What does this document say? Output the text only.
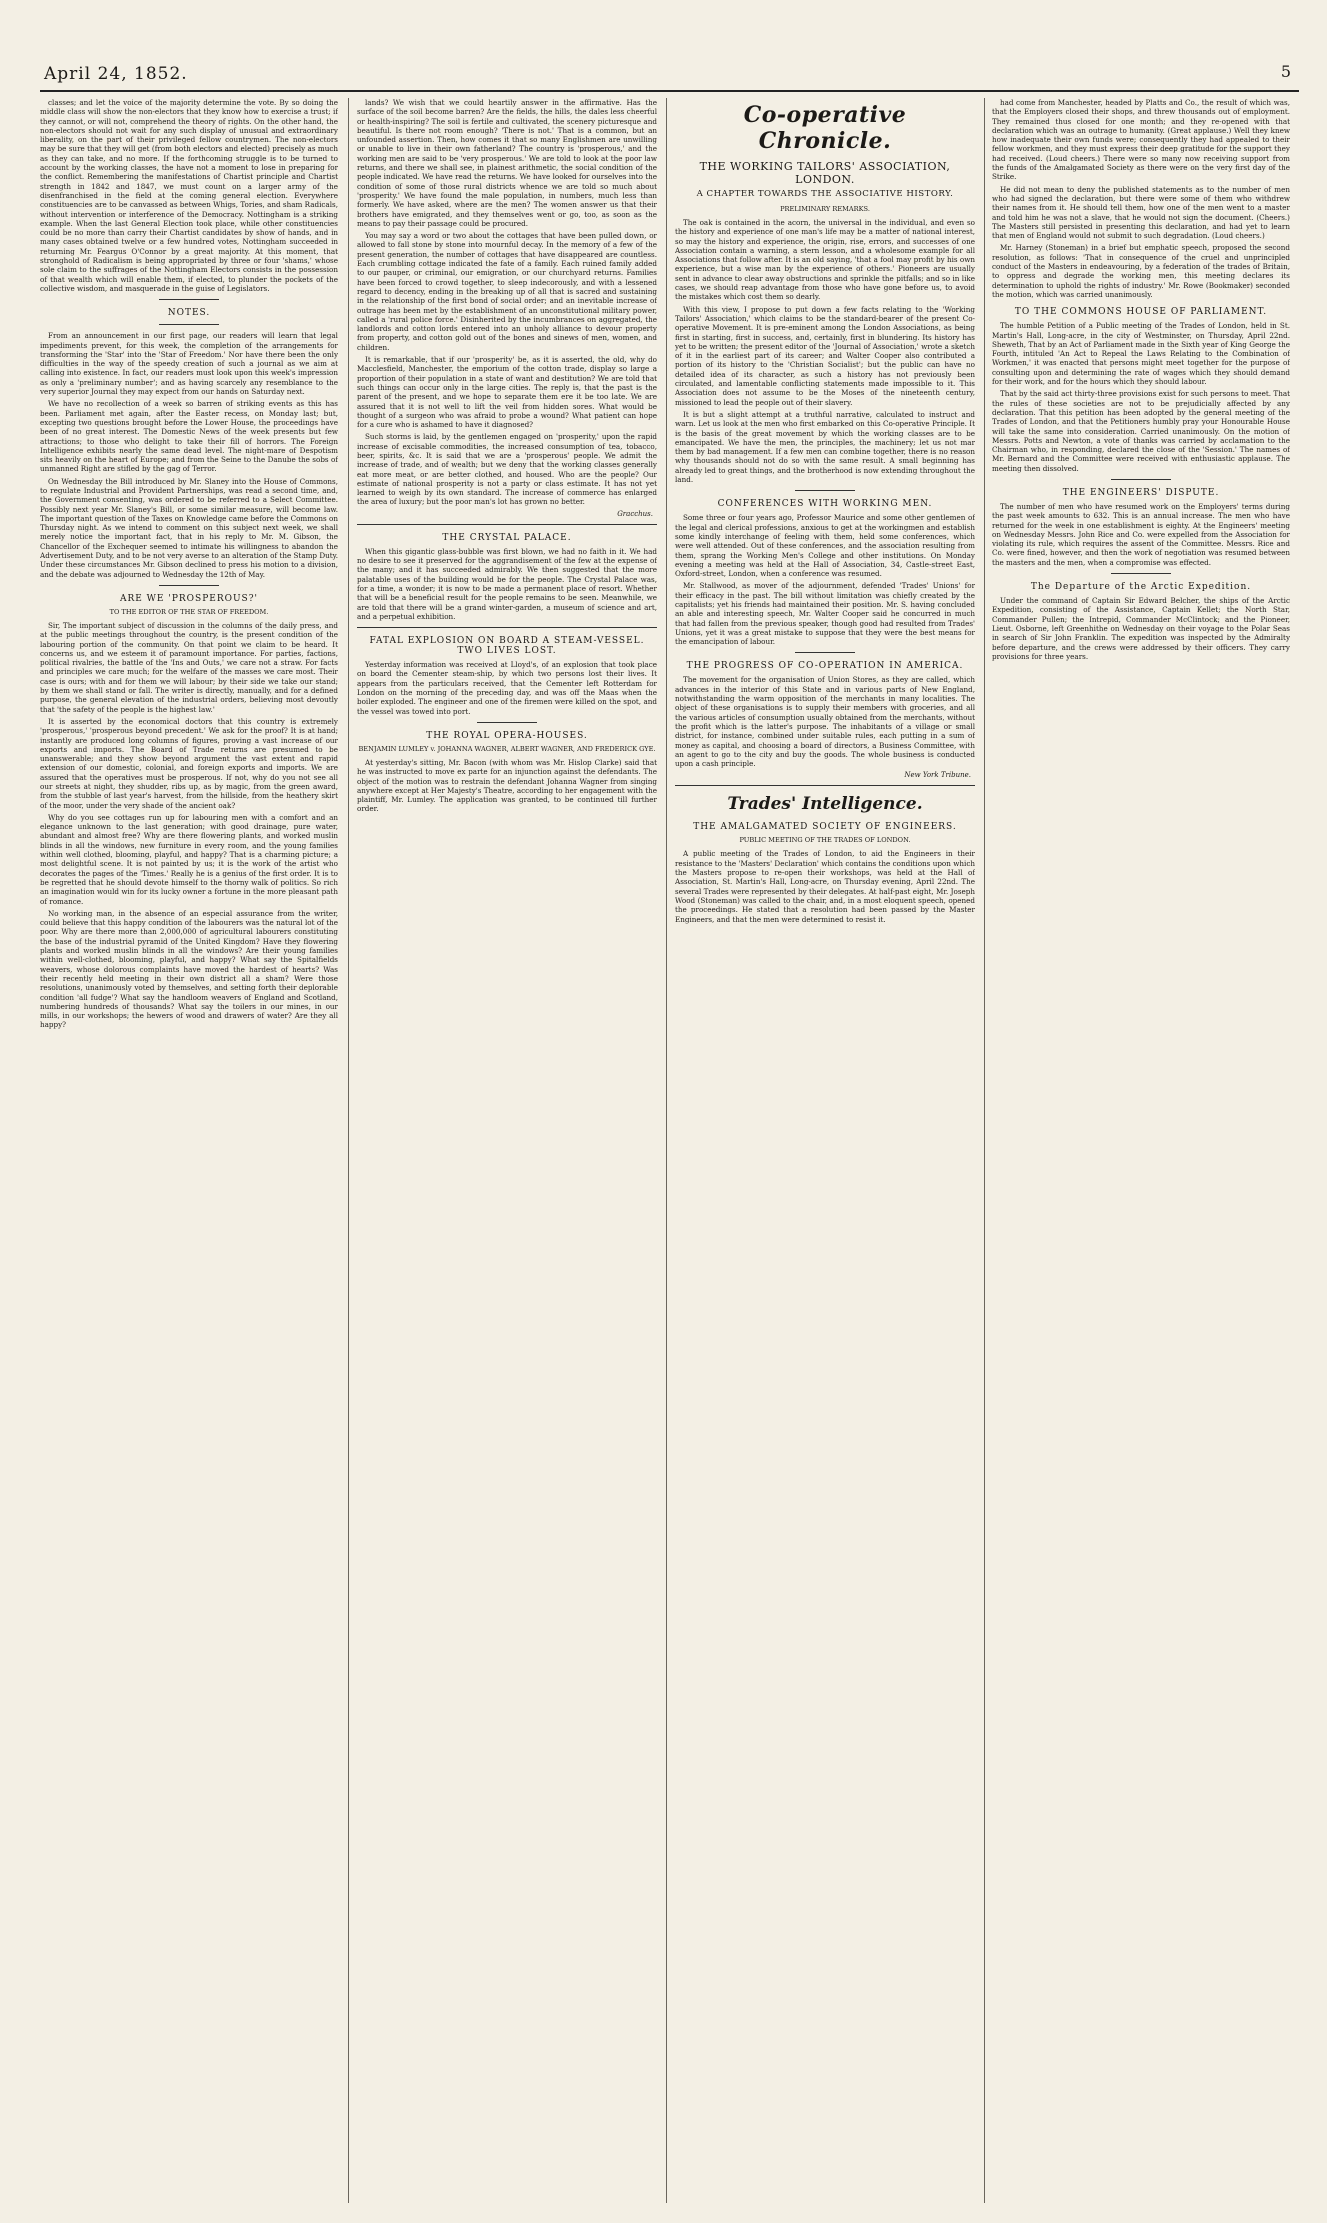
April 24, 1852.	5

classes; and let the voice of the majority determine the vote. By so doing the middle class will show the non-electors that they know how to exercise a trust; if they cannot, or will not, comprehend the theory of rights. On the other hand, the non-electors should not wait for any such display of unusual and extraordinary liberality, on the part of their privileged fellow countrymen. The non-electors may be sure that they will get (from both electors and elected) precisely as much as they can take, and no more. If the forthcoming struggle is to be turned to account by the working classes, the have not a moment to lose in preparing for the conflict. Remembering the manifestations of Chartist principle and Chartist strength in 1842 and 1847, we must count on a larger army of the disenfranchised in the field at the coming general election. Everywhere constituencies are to be canvassed as between Whigs, Tories, and sham Radicals, without intervention or interference of the Democracy. Nottingham is a striking example. When the last General Election took place, while other constituencies could be no more than carry their Chartist candidates by show of hands, and in many cases obtained twelve or a few hundred votes, Nottingham succeeded in returning Mr. Feargus O'Connor by a great majority. At this moment, that stronghold of Radicalism is being appropriated by three or four 'shams,' whose sole claim to the suffrages of the Nottingham Electors consists in the possession of that wealth which will enable them, if elected, to plunder the pockets of the collective wisdom, and masquerade in the guise of Legislators.

NOTES.

From an announcement in our first page, our readers will learn that legal impediments prevent, for this week, the completion of the arrangements for transforming the 'Star' into the 'Star of Freedom.' Nor have there been the only difficulties in the way of the speedy creation of such a journal as we aim at calling into existence. In fact, our readers must look upon this week's impression as only a 'preliminary number'; and as having scarcely any resemblance to the very superior Journal they may expect from our hands on Saturday next.

We have no recollection of a week so barren of striking events as this has been. Parliament met again, after the Easter recess, on Monday last; but, excepting two questions brought before the Lower House, the proceedings have been of no great interest. The Domestic News of the week presents but few attractions; to those who delight to take their fill of horrors. The Foreign Intelligence exhibits nearly the same dead level. The night-mare of Despotism sits heavily on the heart of Europe; and from the Seine to the Danube the sobs of unmanned Right are stifled by the gag of Terror.

On Wednesday the Bill introduced by Mr. Slaney into the House of Commons, to regulate Industrial and Provident Partnerships, was read a second time, and, the Government consenting, was ordered to be referred to a Select Committee. Possibly next year Mr. Slaney's Bill, or some similar measure, will become law. The important question of the Taxes on Knowledge came before the Commons on Thursday night. As we intend to comment on this subject next week, we shall merely notice the important fact, that in his reply to Mr. M. Gibson, the Chancellor of the Exchequer seemed to intimate his willingness to abandon the Advertisement Duty, and to be not very averse to an alteration of the Stamp Duty. Under these circumstances Mr. Gibson declined to press his motion to a division, and the debate was adjourned to Wednesday the 12th of May.

ARE WE 'PROSPEROUS?'
TO THE EDITOR OF THE STAR OF FREEDOM.

Sir, The important subject of discussion in the columns of the daily press, and at the public meetings throughout the country, is the present condition of the labouring portion of the community. On that point we claim to be heard. It concerns us, and we esteem it of paramount importance. For parties, factions, political rivalries, the battle of the 'Ins and Outs,' we care not a straw. For facts and principles we care much; for the welfare of the masses we care most. Their case is ours; with and for them we will labour; by their side we take our stand; by them we shall stand or fall. The writer is directly, manually, and for a defined purpose, the general elevation of the industrial orders, believing most devoutly that 'the safety of the people is the highest law.'

It is asserted by the economical doctors that this country is extremely 'prosperous,' 'prosperous beyond precedent.' We ask for the proof? It is at hand; instantly are produced long columns of figures, proving a vast increase of our exports and imports. The Board of Trade returns are presumed to be unanswerable; and they show beyond argument the vast extent and rapid extension of our domestic, colonial, and foreign exports and imports. We are assured that the operatives must be prosperous. If not, why do you not see all our streets at night, they shudder, ribs up, as by magic, from the green award, from the stubble of last year's harvest, from the hillside, from the heathery skirt of the moor, under the very shade of the ancient oak?

Why do you see cottages run up for labouring men with a comfort and an elegance unknown to the last generation; with good drainage, pure water, abundant and almost free? Why are there flowering plants, and worked muslin blinds in all the windows, new furniture in every room, and the young families within well clothed, blooming, playful, and happy? That is a charming picture; a most delightful scene. It is not painted by us; it is the work of the artist who decorates the pages of the 'Times.' Really he is a genius of the first order. It is to be regretted that he should devote himself to the thorny walk of politics. So rich an imagination would win for its lucky owner a fortune in the more pleasant path of romance.

No working man, in the absence of an especial assurance from the writer, could believe that this happy condition of the labourers was the natural lot of the poor. Why are there more than 2,000,000 of agricultural labourers constituting the base of the industrial pyramid of the United Kingdom? Have they flowering plants and worked muslin blinds in all the windows? Are their young families within well-clothed, blooming, playful, and happy? What say the Spitalfields weavers, whose dolorous complaints have moved the hardest of hearts? Was their recently held meeting in their own district all a sham? Were those resolutions, unanimously voted by themselves, and setting forth their deplorable condition 'all fudge'? What say the handloom weavers of England and Scotland, numbering hundreds of thousands? What say the toilers in our mines, in our mills, in our workshops; the hewers of wood and drawers of water? Are they all happy?

lands? We wish that we could heartily answer in the affirmative. Has the surface of the soil become barren? Are the fields, the hills, the dales less cheerful or health-inspiring? The soil is fertile and cultivated, the scenery picturesque and beautiful. Is there not room enough? 'There is not.' That is a common, but an unfounded assertion. Then, how comes it that so many Englishmen are unwilling or unable to live in their own fatherland? The country is 'prosperous,' and the working men are said to be 'very prosperous.' We are told to look at the poor law returns, and there we shall see, in plainest arithmetic, the social condition of the people indicated. We have read the returns. We have looked for ourselves into the condition of some of those rural districts whence we are told so much about 'prosperity.' We have found the male population, in numbers, much less than formerly. We have asked, where are the men? The women answer us that their brothers have emigrated, and they themselves went or go, too, as soon as the means to pay their passage could be procured.

You may say a word or two about the cottages that have been pulled down, or allowed to fall stone by stone into mournful decay. In the memory of a few of the present generation, the number of cottages that have disappeared are countless. Each crumbling cottage indicated the fate of a family. Each ruined family added to our pauper, or criminal, our emigration, or our churchyard returns. Families have been forced to crowd together, to sleep indecorously, and with a lessened regard to decency, ending in the breaking up of all that is sacred and sustaining in the relationship of the first bond of social order; and an inevitable increase of outrage has been met by the establishment of an unconstitutional military power, called a 'rural police force.' Disinherited by the incumbrances on aggregated, the landlords and cotton lords entered into an unholy alliance to devour property from property, and cotton gold out of the bones and sinews of men, women, and children.

It is remarkable, that if our 'prosperity' be, as it is asserted, the old, why do Macclesfield, Manchester, the emporium of the cotton trade, display so large a proportion of their population in a state of want and destitution? We are told that such things can occur only in the large cities. The reply is, that the past is the parent of the present, and we hope to separate them ere it be too late. We are assured that it is not well to lift the veil from hidden sores. What would be thought of a surgeon who was afraid to probe a wound? What patient can hope for a cure who is ashamed to have it diagnosed?

Such storms is laid, by the gentlemen engaged on 'prosperity,' upon the rapid increase of excisable commodities, the increased consumption of tea, tobacco, beer, spirits, &c. It is said that we are a 'prosperous' people. We admit the increase of trade, and of wealth; but we deny that the working classes generally eat more meat, or are better clothed, and housed. Who are the people? Our estimate of national prosperity is not a party or class estimate. It has not yet learned to weigh by its own standard. The increase of commerce has enlarged the area of luxury; but the poor man's lot has grown no better.

Gracchus.
THE CRYSTAL PALACE.

When this gigantic glass-bubble was first blown, we had no faith in it. We had no desire to see it preserved for the aggrandisement of the few at the expense of the many; and it has succeeded admirably. We then suggested that the more palatable uses of the building would be for the people. The Crystal Palace was, for a time, a wonder; it is now to be made a permanent place of resort. Whether that will be a beneficial result for the people remains to be seen. Meanwhile, we are told that there will be a grand winter-garden, a museum of science and art, and a perpetual exhibition.

FATAL EXPLOSION ON BOARD A STEAM-VESSEL. TWO LIVES LOST.

Yesterday information was received at Lloyd's, of an explosion that took place on board the Cementer steam-ship, by which two persons lost their lives. It appears from the particulars received, that the Cementer left Rotterdam for London on the morning of the preceding day, and was off the Maas when the boiler exploded. The engineer and one of the firemen were killed on the spot, and the vessel was towed into port.

THE ROYAL OPERA-HOUSES.
BENJAMIN LUMLEY v. JOHANNA WAGNER, ALBERT WAGNER, AND FREDERICK GYE.

At yesterday's sitting, Mr. Bacon (with whom was Mr. Hislop Clarke) said that he was instructed to move ex parte for an injunction against the defendants. The object of the motion was to restrain the defendant Johanna Wagner from singing anywhere except at Her Majesty's Theatre, according to her engagement with the plaintiff, Mr. Lumley. The application was granted, to be continued till further order.

Co-operative Chronicle.
THE WORKING TAILORS' ASSOCIATION, LONDON.
A CHAPTER TOWARDS THE ASSOCIATIVE HISTORY.
PRELIMINARY REMARKS.

The oak is contained in the acorn, the universal in the individual, and even so the history and experience of one man's life may be a matter of national interest, so may the history and experience, the origin, rise, errors, and successes of one Association contain a warning, a stern lesson, and a wholesome example for all Associations that follow after. It is an old saying, 'that a fool may profit by his own experience, but a wise man by the experience of others.' Pioneers are usually sent in advance to clear away obstructions and sprinkle the pitfalls; and so in like cases, we should reap advantage from those who have gone before us, to avoid the mistakes which cost them so dearly.

With this view, I propose to put down a few facts relating to the 'Working Tailors' Association,' which claims to be the standard-bearer of the present Co-operative Movement. It is pre-eminent among the London Associations, as being first in starting, first in success, and, certainly, first in blundering. Its history has yet to be written; the present editor of the 'Journal of Association,' wrote a sketch of it in the earliest part of its career; and Walter Cooper also contributed a portion of its history to the 'Christian Socialist'; but the public can have no detailed idea of its character, as such a history has not previously been circulated, and lamentable conflicting statements made impossible to it. This Association does not assume to be the Moses of the nineteenth century, missioned to lead the people out of their slavery.

It is but a slight attempt at a truthful narrative, calculated to instruct and warn. Let us look at the men who first embarked on this Co-operative Principle. It is the basis of the great movement by which the working classes are to be emancipated. We have the men, the principles, the machinery; let us not mar them by bad management. If a few men can combine together, there is no reason why thousands should not do so with the same result. A small beginning has already led to great things, and the brotherhood is now extending throughout the land.

CONFERENCES WITH WORKING MEN.

Some three or four years ago, Professor Maurice and some other gentlemen of the legal and clerical professions, anxious to get at the workingmen and establish some kindly interchange of feeling with them, held some conferences, which were well attended. Out of these conferences, and the association resulting from them, sprang the Working Men's College and other institutions. On Monday evening a meeting was held at the Hall of Association, 34, Castle-street East, Oxford-street, London, when a conference was resumed.

Mr. Stallwood, as mover of the adjournment, defended 'Trades' Unions' for their efficacy in the past. The bill without limitation was chiefly created by the capitalists; yet his friends had maintained their position. Mr. S. having concluded an able and interesting speech, Mr. Walter Cooper said he concurred in much that had fallen from the previous speaker, though good had resulted from Trades' Unions, yet it was a great mistake to suppose that they were the best means for the emancipation of labour.

THE PROGRESS OF CO-OPERATION IN AMERICA.

The movement for the organisation of Union Stores, as they are called, which advances in the interior of this State and in various parts of New England, notwithstanding the warm opposition of the merchants in many localities. The object of these organisations is to supply their members with groceries, and all the various articles of consumption usually obtained from the merchants, without the profit which is the latter's purpose. The inhabitants of a village or small district, for instance, combined under suitable rules, each putting in a sum of money as capital, and choosing a board of directors, a Business Committee, with an agent to go to the city and buy the goods. The whole business is conducted upon a cash principle.

New York Tribune.
Trades' Intelligence.
THE AMALGAMATED SOCIETY OF ENGINEERS.
PUBLIC MEETING OF THE TRADES OF LONDON.

A public meeting of the Trades of London, to aid the Engineers in their resistance to the 'Masters' Declaration' which contains the conditions upon which the Masters propose to re-open their workshops, was held at the Hall of Association, St. Martin's Hall, Long-acre, on Thursday evening, April 22nd. The several Trades were represented by their delegates. At half-past eight, Mr. Joseph Wood (Stoneman) was called to the chair, and, in a most eloquent speech, opened the proceedings. He stated that a resolution had been passed by the Master Engineers, and that the men were determined to resist it.

had come from Manchester, headed by Platts and Co., the result of which was, that the Employers closed their shops, and threw thousands out of employment. They remained thus closed for one month; and they re-opened with that declaration which was an outrage to humanity. (Great applause.) Well they knew how inadequate their own funds were; consequently they had appealed to their fellow workmen, and they must express their deep gratitude for the support they had received. (Loud cheers.) There were so many now receiving support from the funds of the Amalgamated Society as there were on the very first day of the Strike.

He did not mean to deny the published statements as to the number of men who had signed the declaration, but there were some of them who withdrew their names from it. He should tell them, how one of the men went to a master and told him he was not a slave, that he would not sign the document. (Cheers.) The Masters still persisted in presenting this declaration, and had yet to learn that men of England would not submit to such degradation. (Loud cheers.)

Mr. Harney (Stoneman) in a brief but emphatic speech, proposed the second resolution, as follows: 'That in consequence of the cruel and unprincipled conduct of the Masters in endeavouring, by a federation of the trades of Britain, to oppress and degrade the working men, this meeting declares its determination to uphold the rights of industry.' Mr. Rowe (Bookmaker) seconded the motion, which was carried unanimously.

TO THE COMMONS HOUSE OF PARLIAMENT.

The humble Petition of a Public meeting of the Trades of London, held in St. Martin's Hall, Long-acre, in the city of Westminster, on Thursday, April 22nd. Sheweth, That by an Act of Parliament made in the Sixth year of King George the Fourth, intituled 'An Act to Repeal the Laws Relating to the Combination of Workmen,' it was enacted that persons might meet together for the purpose of consulting upon and determining the rate of wages which they should demand for their work, and for the hours which they should labour.

That by the said act thirty-three provisions exist for such persons to meet. That the rules of these societies are not to be prejudicially affected by any declaration. That this petition has been adopted by the general meeting of the Trades of London, and that the Petitioners humbly pray your Honourable House will take the same into consideration. Carried unanimously. On the motion of Messrs. Potts and Newton, a vote of thanks was carried by acclamation to the Chairman who, in responding, declared the close of the 'Session.' The names of Mr. Bernard and the Committee were received with enthusiastic applause. The meeting then dissolved.

THE ENGINEERS' DISPUTE.

The number of men who have resumed work on the Employers' terms during the past week amounts to 632. This is an annual increase. The men who have returned for the week in one establishment is eighty. At the Engineers' meeting on Wednesday Messrs. John Rice and Co. were expelled from the Association for violating its rule, which requires the assent of the Committee. Messrs. Rice and Co. were fined, however, and then the work of negotiation was resumed between the masters and the men, when a compromise was effected.

The Departure of the Arctic Expedition.

Under the command of Captain Sir Edward Belcher, the ships of the Arctic Expedition, consisting of the Assistance, Captain Kellet; the North Star, Commander Pullen; the Intrepid, Commander McClintock; and the Pioneer, Lieut. Osborne, left Greenhithe on Wednesday on their voyage to the Polar Seas in search of Sir John Franklin. The expedition was inspected by the Admiralty before departure, and the crews were addressed by their officers. They carry provisions for three years.
